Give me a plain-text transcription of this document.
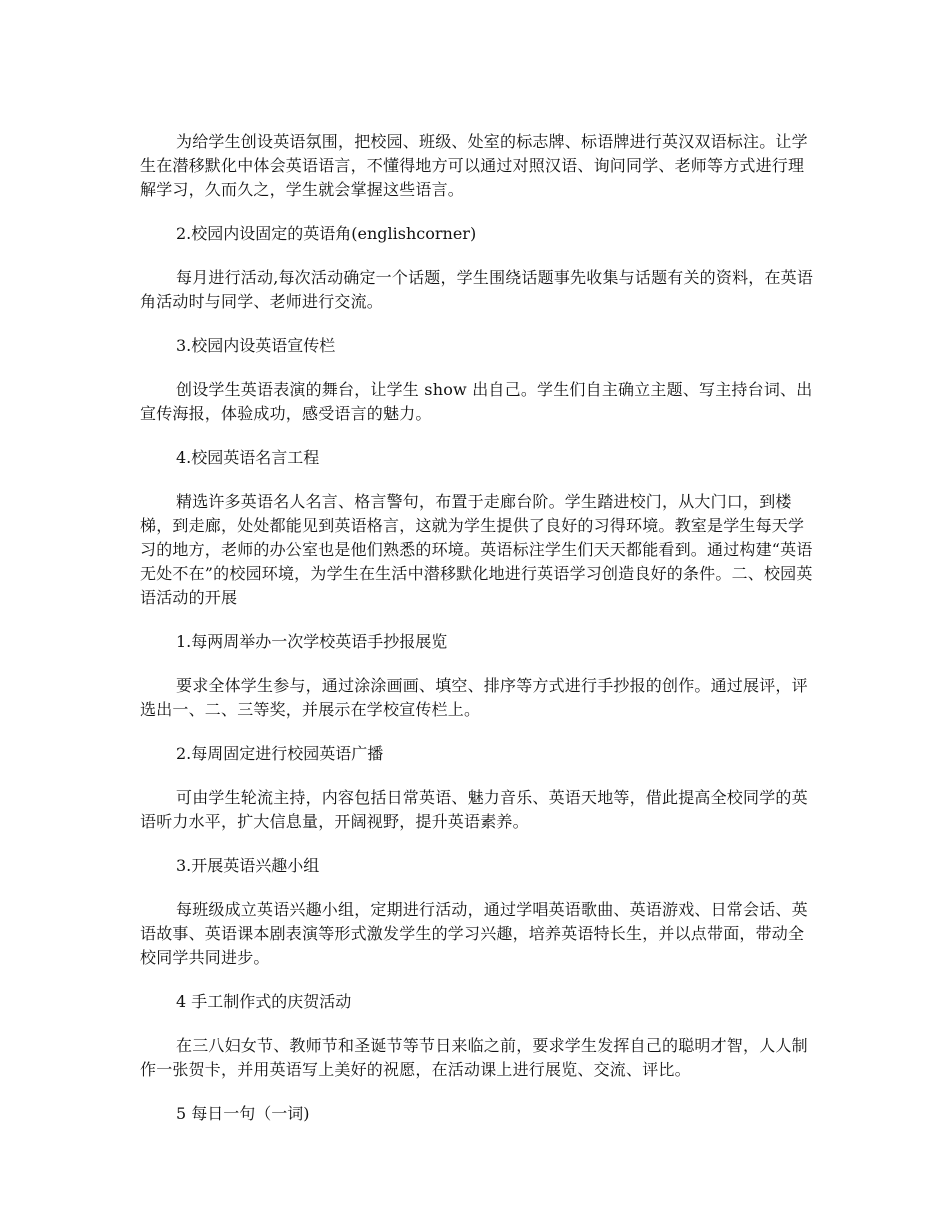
为给学生创设英语氛围，把校园、班级、处室的标志牌、标语牌进行英汉双语标注。让学生在潜移默化中体会英语语言，不懂得地方可以通过对照汉语、询问同学、老师等方式进行理解学习，久而久之，学生就会掌握这些语言。

2.校园内设固定的英语角(englishcorner)

每月进行活动,每次活动确定一个话题，学生围绕话题事先收集与话题有关的资料，在英语角活动时与同学、老师进行交流。

3.校园内设英语宣传栏

创设学生英语表演的舞台，让学生 show 出自己。学生们自主确立主题、写主持台词、出宣传海报，体验成功，感受语言的魅力。

4.校园英语名言工程

精选许多英语名人名言、格言警句，布置于走廊台阶。学生踏进校门，从大门口，到楼梯，到走廊，处处都能见到英语格言，这就为学生提供了良好的习得环境。教室是学生每天学习的地方，老师的办公室也是他们熟悉的环境。英语标注学生们天天都能看到。通过构建“英语无处不在”的校园环境，为学生在生活中潜移默化地进行英语学习创造良好的条件。二、校园英语活动的开展

1.每两周举办一次学校英语手抄报展览

要求全体学生参与，通过涂涂画画、填空、排序等方式进行手抄报的创作。通过展评，评选出一、二、三等奖，并展示在学校宣传栏上。

2.每周固定进行校园英语广播

可由学生轮流主持，内容包括日常英语、魅力音乐、英语天地等，借此提高全校同学的英语听力水平，扩大信息量，开阔视野，提升英语素养。

3.开展英语兴趣小组

每班级成立英语兴趣小组，定期进行活动，通过学唱英语歌曲、英语游戏、日常会话、英语故事、英语课本剧表演等形式激发学生的学习兴趣，培养英语特长生，并以点带面，带动全校同学共同进步。

4 手工制作式的庆贺活动

在三八妇女节、教师节和圣诞节等节日来临之前，要求学生发挥自己的聪明才智，人人制作一张贺卡，并用英语写上美好的祝愿，在活动课上进行展览、交流、评比。

5 每日一句（一词)
